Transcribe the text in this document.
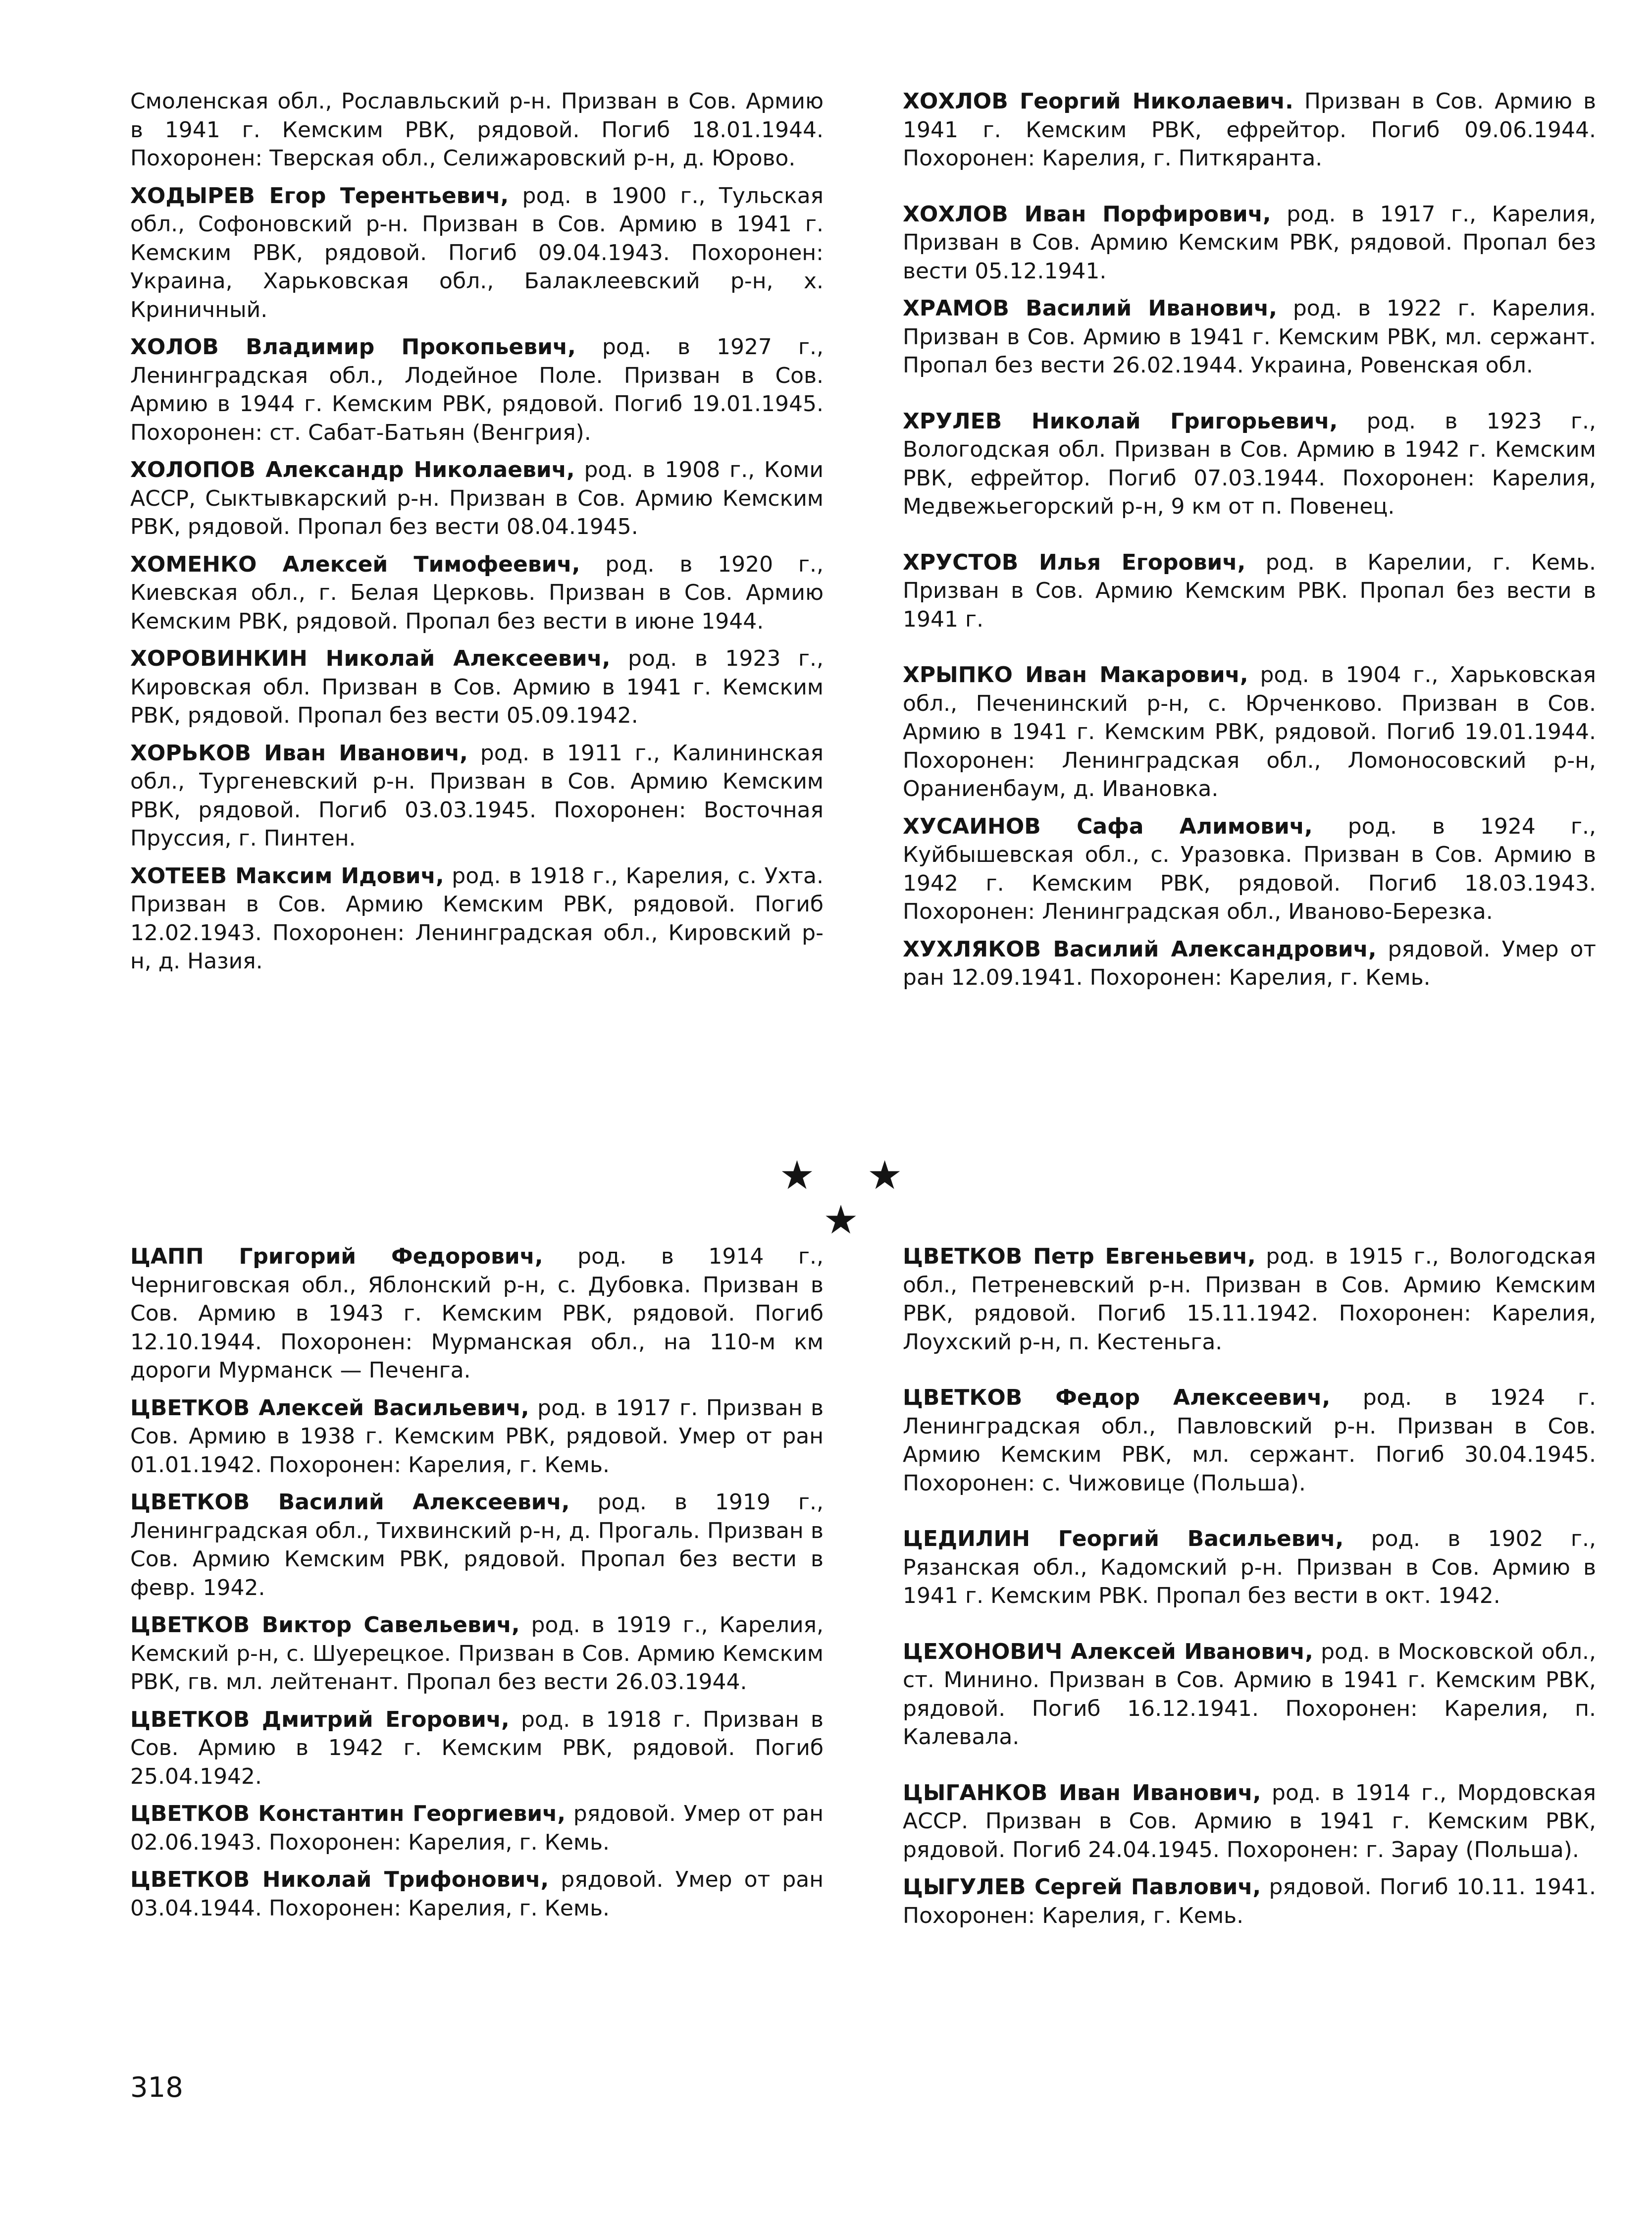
Смоленская обл., Рославльский р-н. Призван в Сов. Армию в 1941 г. Кемским РВК, рядовой. Погиб 18.01.1944. Похоронен: Тверская обл., Селижаровский р-н, д. Юрово.

ХОДЫРЕВ Егор Терентьевич, род. в 1900 г., Тульская обл., Софоновский р-н. Призван в Сов. Армию в 1941 г. Кемским РВК, рядовой. Погиб 09.04.1943. Похоронен: Украина, Харьковская обл., Балаклеевский р-н, х. Криничный.

ХОЛОВ Владимир Прокопьевич, род. в 1927 г., Ленинградская обл., Лодейное Поле. Призван в Сов. Армию в 1944 г. Кемским РВК, рядовой. Погиб 19.01.1945. Похоронен: ст. Сабат-Батьян (Венгрия).

ХОЛОПОВ Александр Николаевич, род. в 1908 г., Коми АССР, Сыктывкарский р-н. Призван в Сов. Армию Кемским РВК, рядовой. Пропал без вести 08.04.1945.

ХОМЕНКО Алексей Тимофеевич, род. в 1920 г., Киевская обл., г. Белая Церковь. Призван в Сов. Армию Кемским РВК, рядовой. Пропал без вести в июне 1944.

ХОРОВИНКИН Николай Алексеевич, род. в 1923 г., Кировская обл. Призван в Сов. Армию в 1941 г. Кемским РВК, рядовой. Пропал без вести 05.09.1942.

ХОРЬКОВ Иван Иванович, род. в 1911 г., Калининская обл., Тургеневский р-н. Призван в Сов. Армию Кемским РВК, рядовой. Погиб 03.03.1945. Похоронен: Восточная Пруссия, г. Пинтен.

ХОТЕЕВ Максим Идович, род. в 1918 г., Карелия, с. Ухта. Призван в Сов. Армию Кемским РВК, рядовой. Погиб 12.02.1943. Похоронен: Ленинградская обл., Кировский р-н, д. Назия.

ХОХЛОВ Георгий Николаевич. Призван в Сов. Армию в 1941 г. Кемским РВК, ефрейтор. Погиб 09.06.1944. Похоронен: Карелия, г. Питкяранта.

ХОХЛОВ Иван Порфирович, род. в 1917 г., Карелия, Призван в Сов. Армию Кемским РВК, рядовой. Пропал без вести 05.12.1941.

ХРАМОВ Василий Иванович, род. в 1922 г. Карелия. Призван в Сов. Армию в 1941 г. Кемским РВК, мл. сержант. Пропал без вести 26.02.1944. Украина, Ровенская обл.

ХРУЛЕВ Николай Григорьевич, род. в 1923 г., Вологодская обл. Призван в Сов. Армию в 1942 г. Кемским РВК, ефрейтор. Погиб 07.03.1944. Похоронен: Карелия, Медвежьегорский р-н, 9 км от п. Повенец.

ХРУСТОВ Илья Егорович, род. в Карелии, г. Кемь. Призван в Сов. Армию Кемским РВК. Пропал без вести в 1941 г.

ХРЫПКО Иван Макарович, род. в 1904 г., Харьковская обл., Печенинский р-н, с. Юрченково. Призван в Сов. Армию в 1941 г. Кемским РВК, рядовой. Погиб 19.01.1944. Похоронен: Ленинградская обл., Ломоносовский р-н, Ораниенбаум, д. Ивановка.

ХУСАИНОВ Сафа Алимович, род. в 1924 г., Куйбышевская обл., с. Уразовка. Призван в Сов. Армию в 1942 г. Кемским РВК, рядовой. Погиб 18.03.1943. Похоронен: Ленинградская обл., Иваново-Березка.

ХУХЛЯКОВ Василий Александрович, рядовой. Умер от ран 12.09.1941. Похоронен: Карелия, г. Кемь.

★ ★ ★

ЦАПП Григорий Федорович, род. в 1914 г., Черниговская обл., Яблонский р-н, с. Дубовка. Призван в Сов. Армию в 1943 г. Кемским РВК, рядовой. Погиб 12.10.1944. Похоронен: Мурманская обл., на 110-м км дороги Мурманск — Печенга.

ЦВЕТКОВ Алексей Васильевич, род. в 1917 г. Призван в Сов. Армию в 1938 г. Кемским РВК, рядовой. Умер от ран 01.01.1942. Похоронен: Карелия, г. Кемь.

ЦВЕТКОВ Василий Алексеевич, род. в 1919 г., Ленинградская обл., Тихвинский р-н, д. Прогаль. Призван в Сов. Армию Кемским РВК, рядовой. Пропал без вести в февр. 1942.

ЦВЕТКОВ Виктор Савельевич, род. в 1919 г., Карелия, Кемский р-н, с. Шуерецкое. Призван в Сов. Армию Кемским РВК, гв. мл. лейтенант. Пропал без вести 26.03.1944.

ЦВЕТКОВ Дмитрий Егорович, род. в 1918 г. Призван в Сов. Армию в 1942 г. Кемским РВК, рядовой. Погиб 25.04.1942.

ЦВЕТКОВ Константин Георгиевич, рядовой. Умер от ран 02.06.1943. Похоронен: Карелия, г. Кемь.

ЦВЕТКОВ Николай Трифонович, рядовой. Умер от ран 03.04.1944. Похоронен: Карелия, г. Кемь.

ЦВЕТКОВ Петр Евгеньевич, род. в 1915 г., Вологодская обл., Петреневский р-н. Призван в Сов. Армию Кемским РВК, рядовой. Погиб 15.11.1942. Похоронен: Карелия, Лоухский р-н, п. Кестеньга.

ЦВЕТКОВ Федор Алексеевич, род. в 1924 г. Ленинградская обл., Павловский р-н. Призван в Сов. Армию Кемским РВК, мл. сержант. Погиб 30.04.1945. Похоронен: с. Чижовице (Польша).

ЦЕДИЛИН Георгий Васильевич, род. в 1902 г., Рязанская обл., Кадомский р-н. Призван в Сов. Армию в 1941 г. Кемским РВК. Пропал без вести в окт. 1942.

ЦЕХОНОВИЧ Алексей Иванович, род. в Московской обл., ст. Минино. Призван в Сов. Армию в 1941 г. Кемским РВК, рядовой. Погиб 16.12.1941. Похоронен: Карелия, п. Калевала.

ЦЫГАНКОВ Иван Иванович, род. в 1914 г., Мордовская АССР. Призван в Сов. Армию в 1941 г. Кемским РВК, рядовой. Погиб 24.04.1945. Похоронен: г. Зарау (Польша).

ЦЫГУЛЕВ Сергей Павлович, рядовой. Погиб 10.11. 1941. Похоронен: Карелия, г. Кемь.

318
